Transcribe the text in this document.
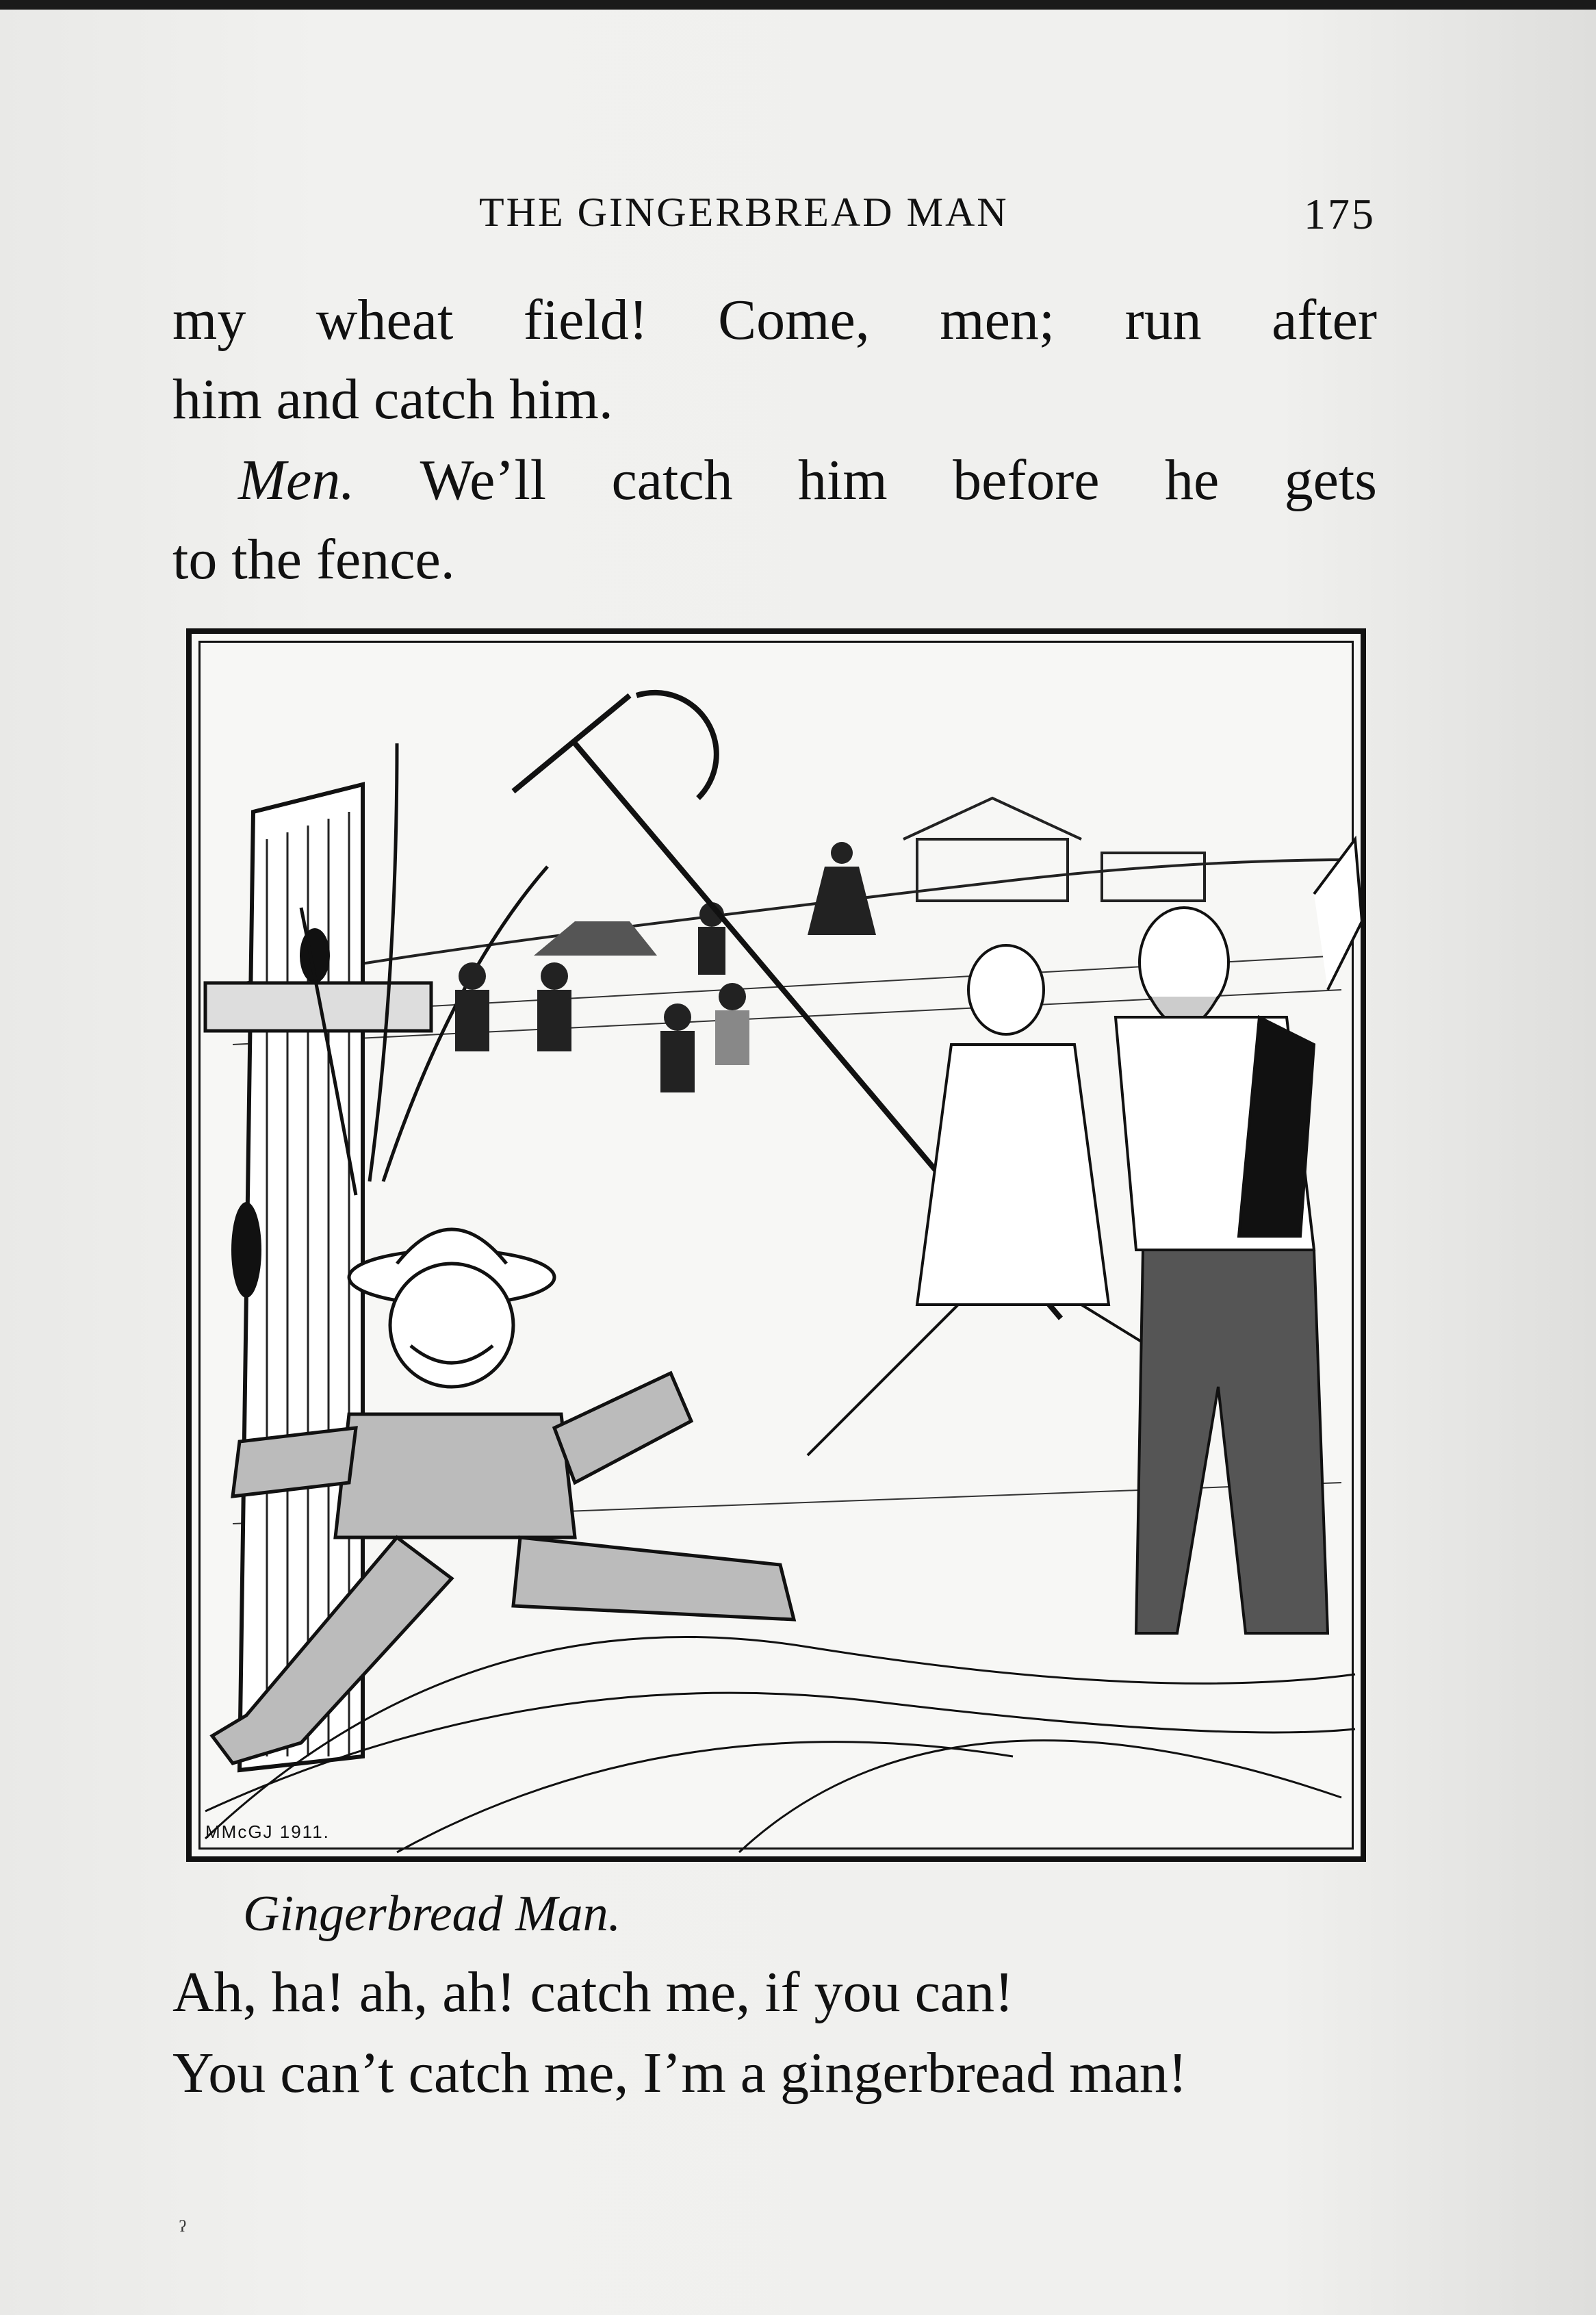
THE GINGERBREAD MAN	175
my wheat field! Come, men; run after
him and catch him.
Men. We’ll catch him before he gets
to the fence.
MMcGJ 1911.
Gingerbread Man.
Ah, ha! ah, ah! catch me, if you can!
You can’t catch me, I’m a gingerbread man!
ˀ
